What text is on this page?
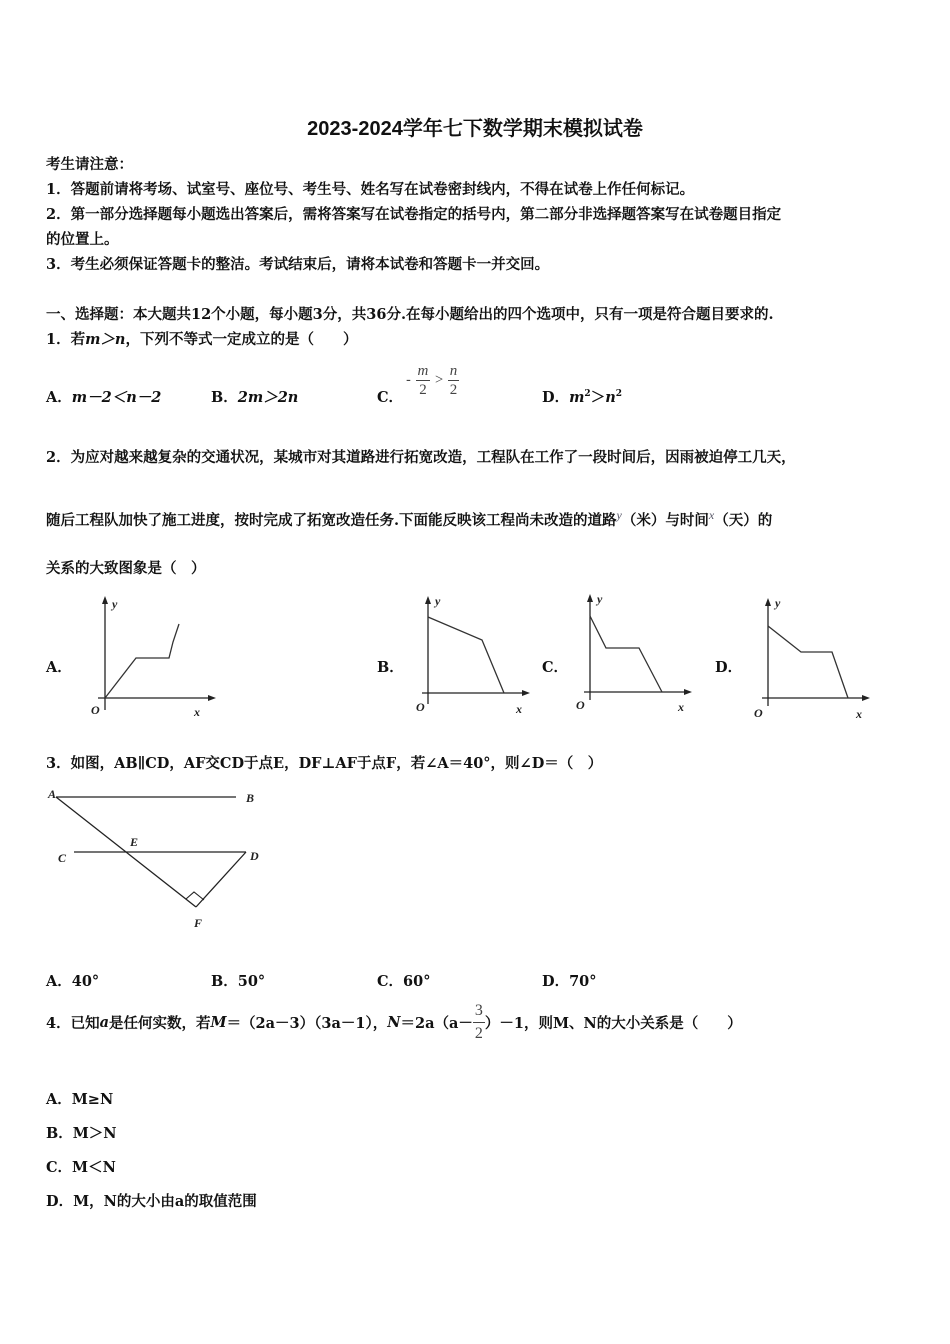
2023-2024学年七下数学期末模拟试卷
考生请注意：
1．答题前请将考场、试室号、座位号、考生号、姓名写在试卷密封线内，不得在试卷上作任何标记。
2．第一部分选择题每小题选出答案后，需将答案写在试卷指定的括号内，第二部分非选择题答案写在试卷题目指定
的位置上。
3．考生必须保证答题卡的整洁。考试结束后，请将本试卷和答题卡一并交回。
一、选择题：本大题共12个小题，每小题3分，共36分.在每小题给出的四个选项中，只有一项是符合题目要求的.
1．若m＞n，下列不等式一定成立的是（　　）
A．m－2＜n－2	B．2m＞2n	C．
- $\frac{m}{2} > \frac{n}{2}$	D．$m^2>n^2$
2．为应对越来越复杂的交通状况，某城市对其道路进行拓宽改造，工程队在工作了一段时间后，因雨被迫停工几天，
随后工程队加快了施工进度，按时完成了拓宽改造任务.下面能反映该工程尚未改造的道路$^y$（米）与时间$^x$（天）的
关系的大致图象是（　）
A．	B．	C．	D．
y
x
O
y
x
O
y
x
O
y
x
O
3．如图，AB∥CD，AF交CD于点E，DF⊥AF于点F，若∠A＝40°，则∠D＝（　）
A	B
C	D
E
F
A．40°	B．50°	C．60°	D．70°
4．已知a是任何实数，若M＝（2a－3）（3a－1），$N=2a(a- \frac{3}{2} )-1$，则M、N的大小关系是（　　）
A．M≥N
B．M＞N
C．M＜N
D．M，N的大小由a的取值范围
